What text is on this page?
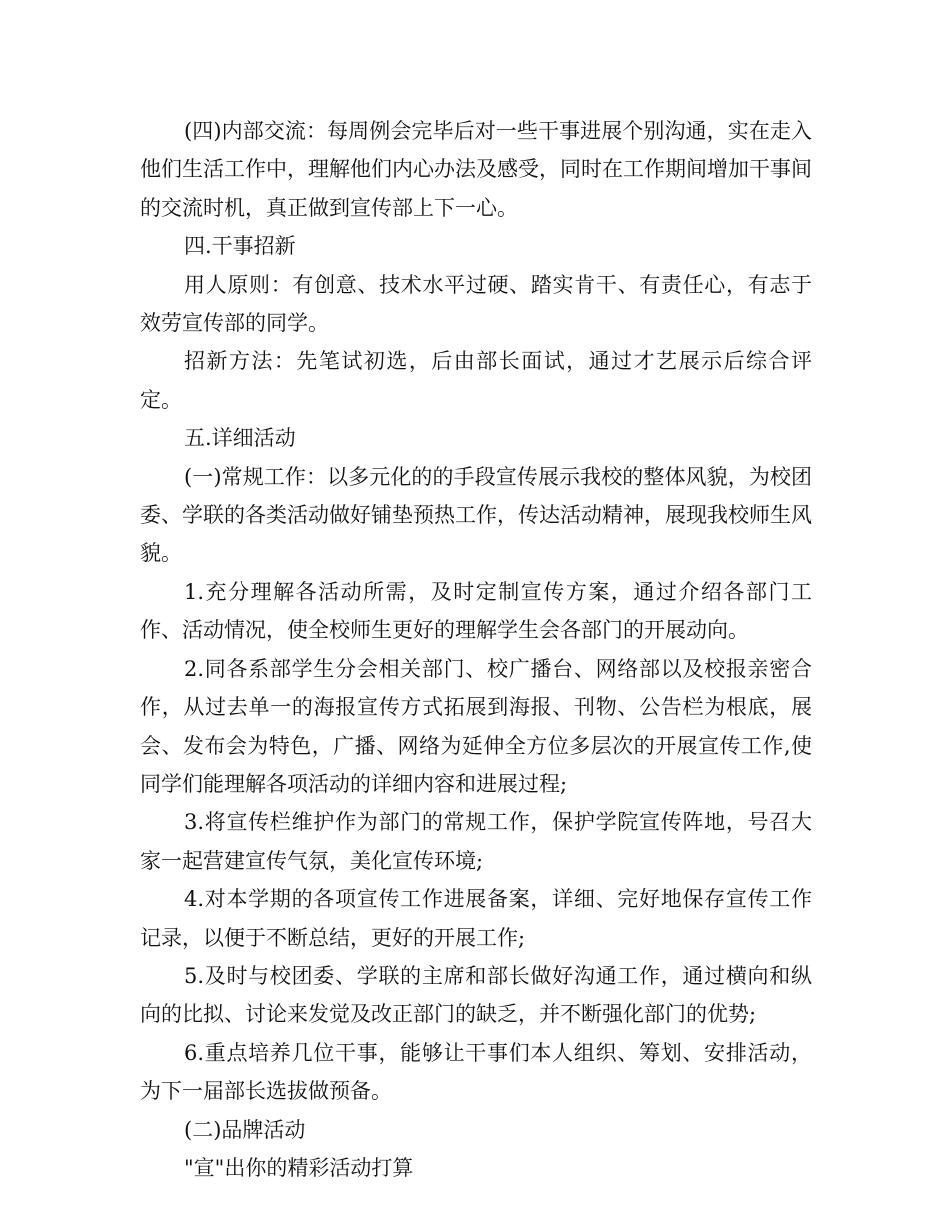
(四)内部交流：每周例会完毕后对一些干事进展个别沟通，实在走入他们生活工作中，理解他们内心办法及感受，同时在工作期间增加干事间的交流时机，真正做到宣传部上下一心。

四.干事招新

用人原则：有创意、技术水平过硬、踏实肯干、有责任心，有志于效劳宣传部的同学。

招新方法：先笔试初选，后由部长面试，通过才艺展示后综合评定。

五.详细活动

(一)常规工作：以多元化的的手段宣传展示我校的整体风貌，为校团委、学联的各类活动做好铺垫预热工作，传达活动精神，展现我校师生风貌。

1.充分理解各活动所需，及时定制宣传方案，通过介绍各部门工作、活动情况，使全校师生更好的理解学生会各部门的开展动向。

2.同各系部学生分会相关部门、校广播台、网络部以及校报亲密合作，从过去单一的海报宣传方式拓展到海报、刊物、公告栏为根底，展会、发布会为特色，广播、网络为延伸全方位多层次的开展宣传工作,使同学们能理解各项活动的详细内容和进展过程;

3.将宣传栏维护作为部门的常规工作，保护学院宣传阵地，号召大家一起营建宣传气氛，美化宣传环境;

4.对本学期的各项宣传工作进展备案，详细、完好地保存宣传工作记录，以便于不断总结，更好的开展工作;

5.及时与校团委、学联的主席和部长做好沟通工作，通过横向和纵向的比拟、讨论来发觉及改正部门的缺乏，并不断强化部门的优势;

6.重点培养几位干事，能够让干事们本人组织、筹划、安排活动，为下一届部长选拔做预备。

(二)品牌活动

"宣"出你的精彩活动打算
